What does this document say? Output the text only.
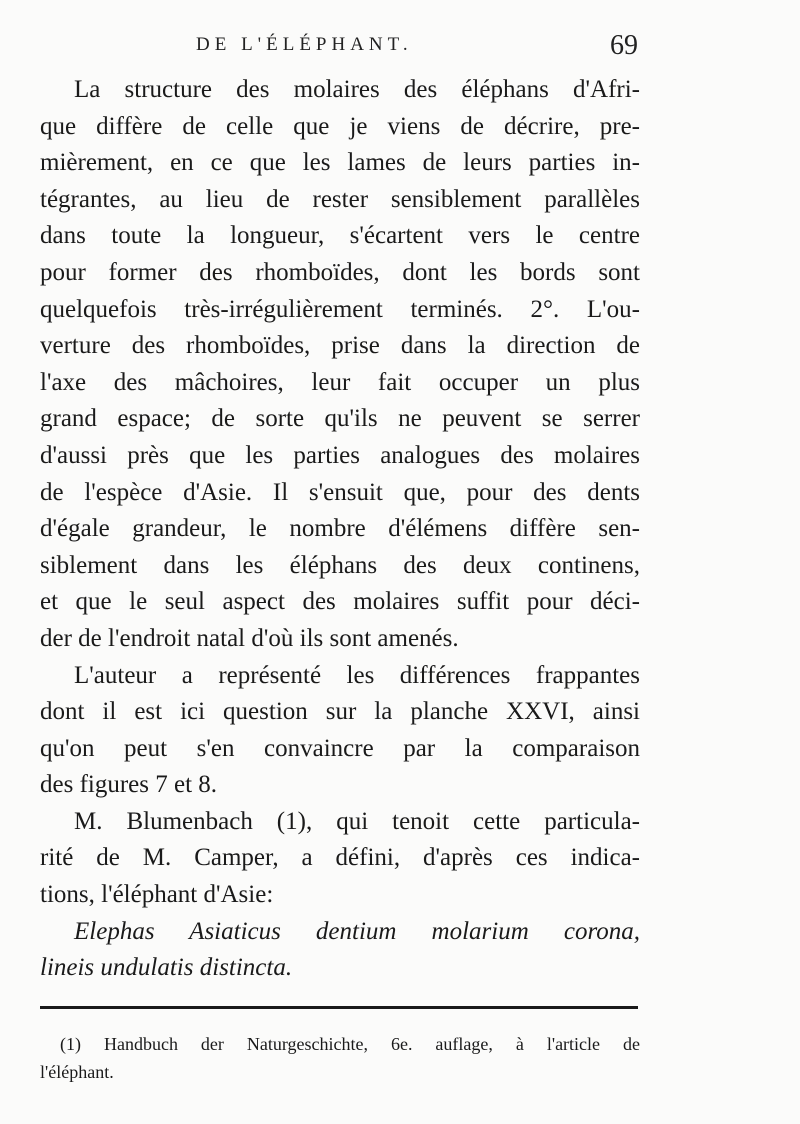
DE L'ÉLÉPHANT.	69
La structure des molaires des éléphans d'Afri-
que diffère de celle que je viens de décrire, pre-
mièrement, en ce que les lames de leurs parties in-
tégrantes, au lieu de rester sensiblement parallèles
dans toute la longueur, s'écartent vers le centre
pour former des rhomboïdes, dont les bords sont
quelquefois très-irrégulièrement terminés. 2°. L'ou-
verture des rhomboïdes, prise dans la direction de
l'axe des mâchoires, leur fait occuper un plus
grand espace; de sorte qu'ils ne peuvent se serrer
d'aussi près que les parties analogues des molaires
de l'espèce d'Asie. Il s'ensuit que, pour des dents
d'égale grandeur, le nombre d'élémens diffère sen-
siblement dans les éléphans des deux continens,
et que le seul aspect des molaires suffit pour déci-
der de l'endroit natal d'où ils sont amenés.
L'auteur a représenté les différences frappantes
dont il est ici question sur la planche XXVI, ainsi
qu'on peut s'en convaincre par la comparaison
des figures 7 et 8.
M. Blumenbach (1), qui tenoit cette particula-
rité de M. Camper, a défini, d'après ces indica-
tions, l'éléphant d'Asie:
Elephas Asiaticus dentium molarium corona,
lineis undulatis distincta.
(1) Handbuch der Naturgeschichte, 6e. auflage, à l'article de
l'éléphant.
